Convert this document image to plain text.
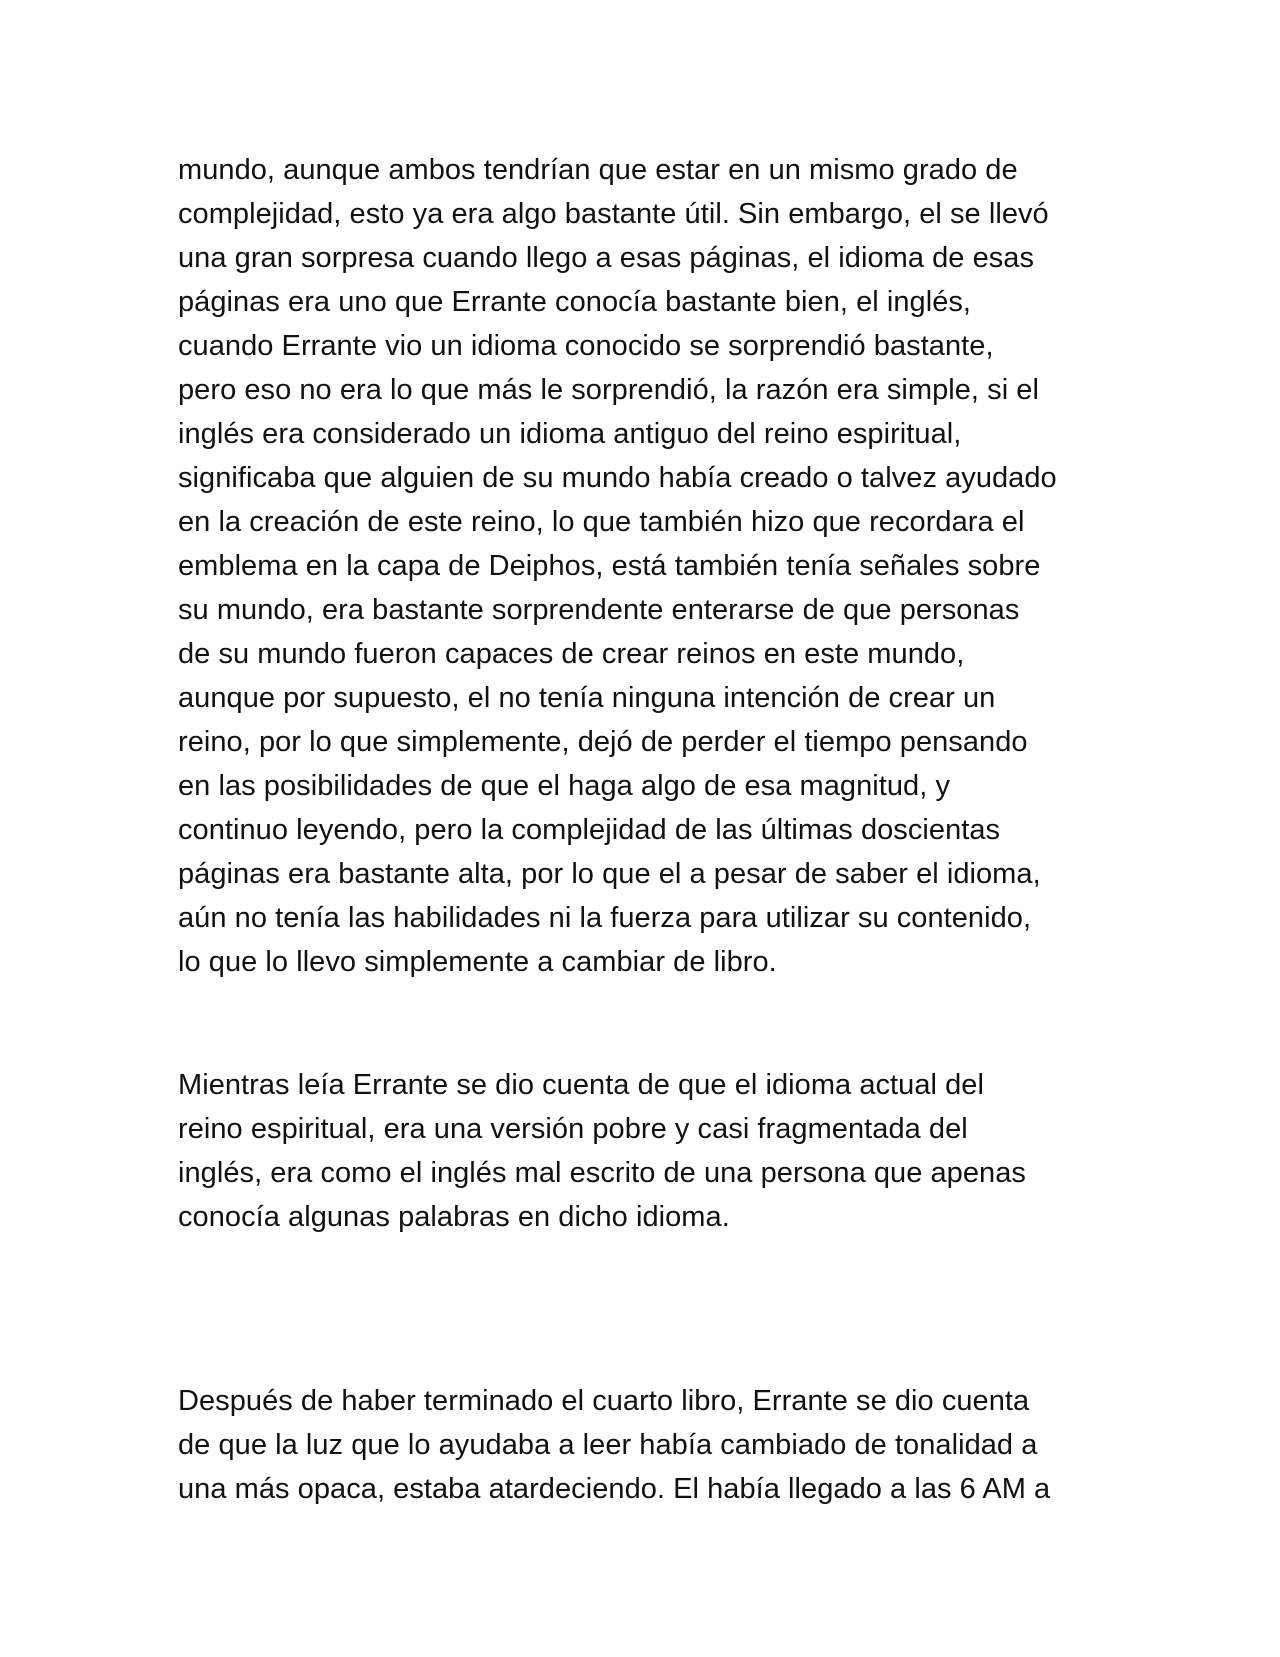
mundo, aunque ambos tendrían que estar en un mismo grado de
complejidad, esto ya era algo bastante útil. Sin embargo, el se llevó
una gran sorpresa cuando llego a esas páginas, el idioma de esas
páginas era uno que Errante conocía bastante bien, el inglés,
cuando Errante vio un idioma conocido se sorprendió bastante,
pero eso no era lo que más le sorprendió, la razón era simple, si el
inglés era considerado un idioma antiguo del reino espiritual,
significaba que alguien de su mundo había creado o talvez ayudado
en la creación de este reino, lo que también hizo que recordara el
emblema en la capa de Deiphos, está también tenía señales sobre
su mundo, era bastante sorprendente enterarse de que personas
de su mundo fueron capaces de crear reinos en este mundo,
aunque por supuesto, el no tenía ninguna intención de crear un
reino, por lo que simplemente, dejó de perder el tiempo pensando
en las posibilidades de que el haga algo de esa magnitud, y
continuo leyendo, pero la complejidad de las últimas doscientas
páginas era bastante alta, por lo que el a pesar de saber el idioma,
aún no tenía las habilidades ni la fuerza para utilizar su contenido,
lo que lo llevo simplemente a cambiar de libro.
Mientras leía Errante se dio cuenta de que el idioma actual del
reino espiritual, era una versión pobre y casi fragmentada del
inglés, era como el inglés mal escrito de una persona que apenas
conocía algunas palabras en dicho idioma.
Después de haber terminado el cuarto libro, Errante se dio cuenta
de que la luz que lo ayudaba a leer había cambiado de tonalidad a
una más opaca, estaba atardeciendo. El había llegado a las 6 AM a
